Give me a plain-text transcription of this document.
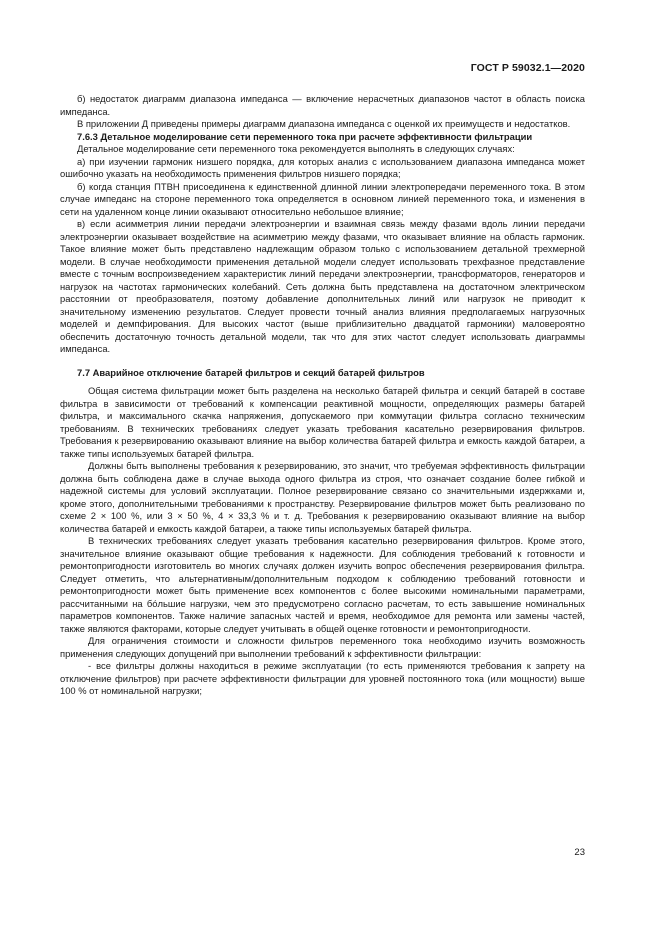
ГОСТ Р 59032.1—2020

б) недостаток диаграмм диапазона импеданса — включение нерасчетных диапазонов частот в область поиска импеданса.

В приложении Д приведены примеры диаграмм диапазона импеданса с оценкой их преимуществ и недостатков.

7.6.3 Детальное моделирование сети переменного тока при расчете эффективности фильтрации

Детальное моделирование сети переменного тока рекомендуется выполнять в следующих случаях:

а) при изучении гармоник низшего порядка, для которых анализ с использованием диапазона импеданса может ошибочно указать на необходимость применения фильтров низшего порядка;

б) когда станция ПТВН присоединена к единственной длинной линии электропередачи переменного тока. В этом случае импеданс на стороне переменного тока определяется в основном линией переменного тока, и изменения в сети на удаленном конце линии оказывают относительно небольшое влияние;

в) если асимметрия линии передачи электроэнергии и взаимная связь между фазами вдоль линии передачи электроэнергии оказывает воздействие на асимметрию между фазами, что оказывает влияние на область гармоник. Такое влияние может быть представлено надлежащим образом только с использованием детальной трехмерной модели. В случае необходимости применения детальной модели следует использовать трехфазное представление вместе с точным воспроизведением характеристик линий передачи электроэнергии, трансформаторов, генераторов и нагрузок на частотах гармонических колебаний. Сеть должна быть представлена на достаточном электрическом расстоянии от преобразователя, поэтому добавление дополнительных линий или нагрузок не приводит к значительному изменению результатов. Следует провести точный анализ влияния предполагаемых нагрузочных моделей и демпфирования. Для высоких частот (выше приблизительно двадцатой гармоники) маловероятно обеспечить достаточную точность детальной модели, так что для этих частот следует использовать диаграммы импеданса.

7.7 Аварийное отключение батарей фильтров и секций батарей фильтров

Общая система фильтрации может быть разделена на несколько батарей фильтра и секций батарей в составе фильтра в зависимости от требований к компенсации реактивной мощности, определяющих размеры батарей фильтра, и максимального скачка напряжения, допускаемого при коммутации фильтра согласно техническим требованиям. В технических требованиях следует указать требования касательно резервирования фильтров. Требования к резервированию оказывают влияние на выбор количества батарей фильтра и емкость каждой батареи, а также типы используемых батарей фильтра.

Должны быть выполнены требования к резервированию, это значит, что требуемая эффективность фильтрации должна быть соблюдена даже в случае выхода одного фильтра из строя, что означает создание более гибкой и надежной системы для условий эксплуатации. Полное резервирование связано со значительными издержками и, кроме этого, дополнительными требованиями к пространству. Резервирование фильтров может быть реализовано по схеме 2 × 100 %, или 3 × 50 %, 4 × 33,3 % и т. д. Требования к резервированию оказывают влияние на выбор количества батарей и емкость каждой батареи, а также типы используемых батарей фильтра.

В технических требованиях следует указать требования касательно резервирования фильтров. Кроме этого, значительное влияние оказывают общие требования к надежности. Для соблюдения требований к готовности и ремонтопригодности изготовитель во многих случаях должен изучить вопрос обеспечения резервирования фильтра. Следует отметить, что альтернативным/дополнительным подходом к соблюдению требований готовности и ремонтопригодности может быть применение всех компонентов с более высокими номинальными параметрами, рассчитанными на бо́льшие нагрузки, чем это предусмотрено согласно расчетам, то есть завышение номинальных параметров компонентов. Также наличие запасных частей и время, необходимое для ремонта или замены частей, также являются факторами, которые следует учитывать в общей оценке готовности и ремонтопригодности.

Для ограничения стоимости и сложности фильтров переменного тока необходимо изучить возможность применения следующих допущений при выполнении требований к эффективности фильтрации:

- все фильтры должны находиться в режиме эксплуатации (то есть применяются требования к запрету на отключение фильтров) при расчете эффективности фильтрации для уровней постоянного тока (или мощности) выше 100 % от номинальной нагрузки;

23
